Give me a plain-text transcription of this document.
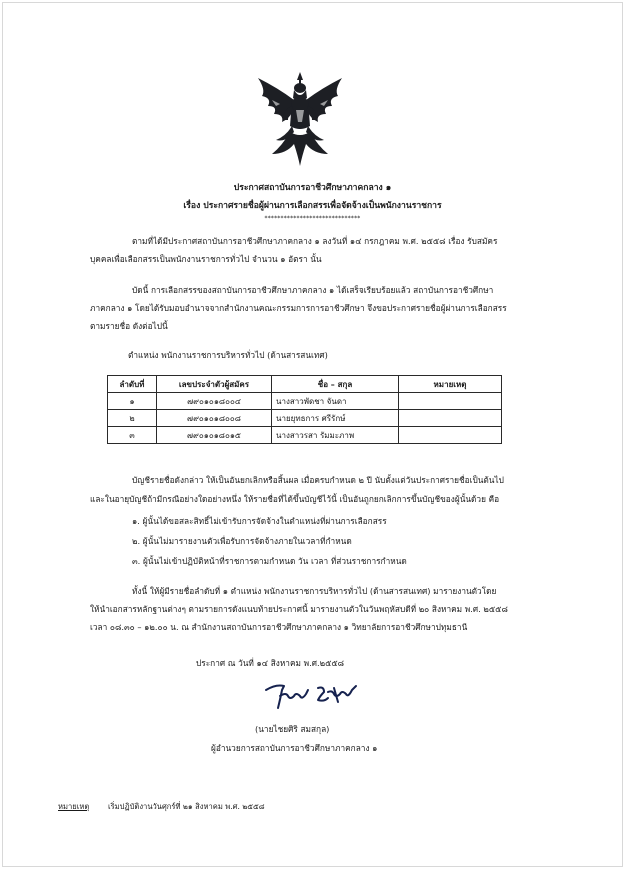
ประกาศสถาบันการอาชีวศึกษาภาคกลาง ๑
เรื่อง ประกาศรายชื่อผู้ผ่านการเลือกสรรเพื่อจัดจ้างเป็นพนักงานราชการ
******************************
ตามที่ได้มีประกาศสถาบันการอาชีวศึกษาภาคกลาง ๑ ลงวันที่ ๑๔ กรกฎาคม พ.ศ. ๒๕๕๘ เรื่อง รับสมัคร
บุคคลเพื่อเลือกสรรเป็นพนักงานราชการทั่วไป จำนวน ๑ อัตรา นั้น
บัดนี้ การเลือกสรรของสถาบันการอาชีวศึกษาภาคกลาง ๑ ได้เสร็จเรียบร้อยแล้ว สถาบันการอาชีวศึกษา
ภาคกลาง ๑ โดยได้รับมอบอำนาจจากสำนักงานคณะกรรมการการอาชีวศึกษา จึงขอประกาศรายชื่อผู้ผ่านการเลือกสรร
ตามรายชื่อ ดังต่อไปนี้
ตำแหน่ง พนักงานราชการบริหารทั่วไป (ด้านสารสนเทศ)
ลำดับที่	เลขประจำตัวผู้สมัคร	ชื่อ – สกุล	หมายเหตุ
๑	๗๙๐๑๐๑๘๐๐๔	นางสาวพัดชา จันดา	
๒	๗๙๐๑๐๑๘๐๐๘	นายยุทธการ ศรีรักษ์	
๓	๗๙๐๑๐๑๘๐๑๕	นางสาวรสา รัมมะภาพ	
บัญชีรายชื่อดังกล่าว ให้เป็นอันยกเลิกหรือสิ้นผล เมื่อครบกำหนด ๒ ปี นับตั้งแต่วันประกาศรายชื่อเป็นต้นไป
และในอายุบัญชีถ้ามีกรณีอย่างใดอย่างหนึ่ง ให้รายชื่อที่ได้ขึ้นบัญชีไว้นี้ เป็นอันถูกยกเลิกการขึ้นบัญชีของผู้นั้นด้วย คือ
๑. ผู้นั้นได้ขอสละสิทธิ์ไม่เข้ารับการจัดจ้างในตำแหน่งที่ผ่านการเลือกสรร
๒. ผู้นั้นไม่มารายงานตัวเพื่อรับการจัดจ้างภายในเวลาที่กำหนด
๓. ผู้นั้นไม่เข้าปฏิบัติหน้าที่ราชการตามกำหนด วัน เวลา ที่ส่วนราชการกำหนด
ทั้งนี้ ให้ผู้มีรายชื่อลำดับที่ ๑ ตำแหน่ง พนักงานราชการบริหารทั่วไป (ด้านสารสนเทศ) มารายงานตัวโดย
ให้นำเอกสารหลักฐานต่างๆ ตามรายการดังแนบท้ายประกาศนี้ มารายงานตัวในวันพฤหัสบดีที่ ๒๐ สิงหาคม พ.ศ. ๒๕๕๘
เวลา ๐๘.๓๐ – ๑๒.๐๐ น. ณ สำนักงานสถาบันการอาชีวศึกษาภาคกลาง ๑ วิทยาลัยการอาชีวศึกษาปทุมธานี
ประกาศ ณ วันที่ ๑๔ สิงหาคม พ.ศ.๒๕๕๘
(นายไชยศิริ สมสกุล)
ผู้อำนวยการสถาบันการอาชีวศึกษาภาคกลาง ๑
หมายเหตุ เริ่มปฏิบัติงานวันศุกร์ที่ ๒๑ สิงหาคม พ.ศ. ๒๕๕๘
